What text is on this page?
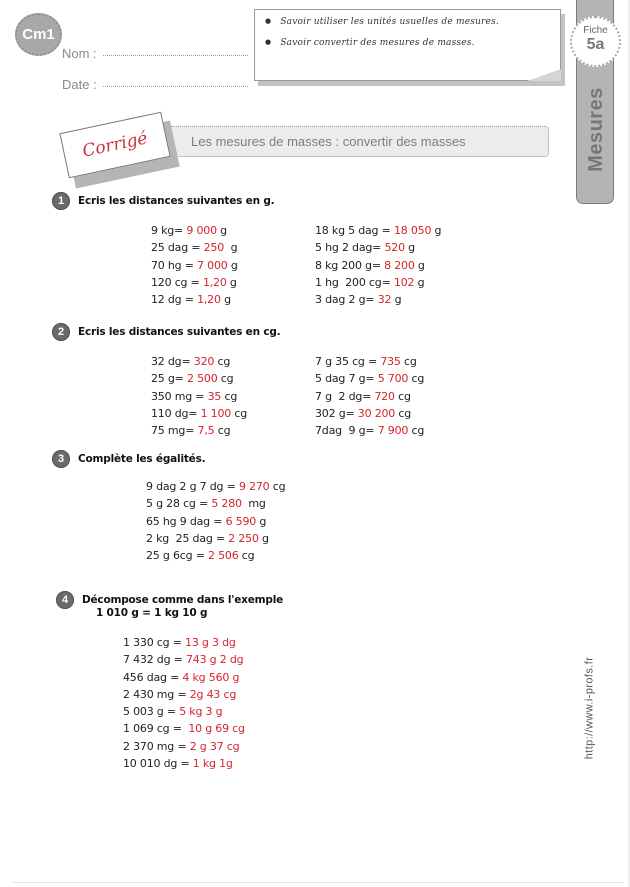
Cm1
Nom :
Date :
● Savoir utiliser les unités usuelles de mesures.
● Savoir convertir des mesures de masses.
Mesures
Fiche
5a
Les mesures de masses : convertir des masses
Corrigé
1	Ecris les distances suivantes en g.
9 kg= 9 000 g
25 dag = 250  g
70 hg = 7 000 g
120 cg = 1,20 g
12 dg = 1,20 g
18 kg 5 dag = 18 050 g
5 hg 2 dag= 520 g
8 kg 200 g= 8 200 g
1 hg  200 cg= 102 g
3 dag 2 g= 32 g
2	Ecris les distances suivantes en cg.
32 dg= 320 cg
25 g= 2 500 cg
350 mg = 35 cg
110 dg= 1 100 cg
75 mg= 7,5 cg
7 g 35 cg = 735 cg
5 dag 7 g= 5 700 cg
7 g  2 dg= 720 cg
302 g= 30 200 cg
7dag  9 g= 7 900 cg
3	Complète les égalités.
9 dag 2 g 7 dg = 9 270 cg
5 g 28 cg = 5 280  mg
65 hg 9 dag = 6 590 g
2 kg  25 dag = 2 250 g
25 g 6cg = 2 506 cg
4	Décompose comme dans l'exemple
1 010 g = 1 kg 10 g
1 330 cg = 13 g 3 dg
7 432 dg = 743 g 2 dg
456 dag = 4 kg 560 g
2 430 mg = 2g 43 cg
5 003 g = 5 kg 3 g
1 069 cg =  10 g 69 cg
2 370 mg = 2 g 37 cg
10 010 dg = 1 kg 1g
http://www.i-profs.fr
